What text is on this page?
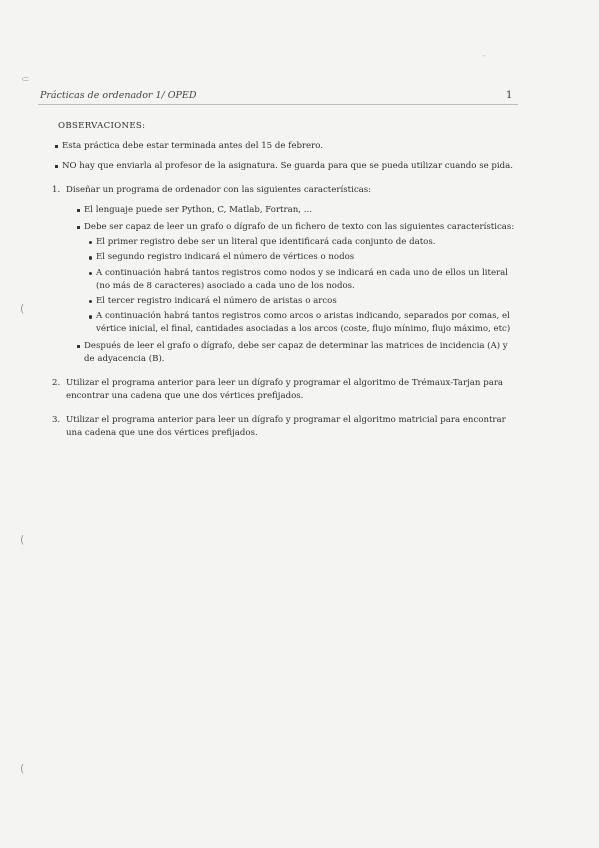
Prácticas de ordenador 1/ OPED	1
⸦
(
(
(
′′
OBSERVACIONES:
Esta práctica debe estar terminada antes del 15 de febrero.
NO hay que enviarla al profesor de la asignatura. Se guarda para que se pueda utilizar cuando se pida.
1. Diseñar un programa de ordenador con las siguientes características:
El lenguaje puede ser Python, C, Matlab, Fortran, ...
Debe ser capaz de leer un grafo o dígrafo de un fichero de texto con las siguientes características:
El primer registro debe ser un literal que identificará cada conjunto de datos.
El segundo registro indicará el número de vértices o nodos
A continuación habrá tantos registros como nodos y se indicará en cada uno de ellos un literal (no más de 8 caracteres) asociado a cada uno de los nodos.
El tercer registro indicará el número de aristas o arcos
A continuación habrá tantos registros como arcos o aristas indicando, separados por comas, el vértice inicial, el final, cantidades asociadas a los arcos (coste, flujo mínimo, flujo máximo, etc)
Después de leer el grafo o dígrafo, debe ser capaz de determinar las matrices de incidencia (A) y de adyacencia (B).
2. Utilizar el programa anterior para leer un dígrafo y programar el algoritmo de Trémaux-Tarjan para encontrar una cadena que une dos vértices prefijados.
3. Utilizar el programa anterior para leer un dígrafo y programar el algoritmo matricial para encontrar una cadena que une dos vértices prefijados.
